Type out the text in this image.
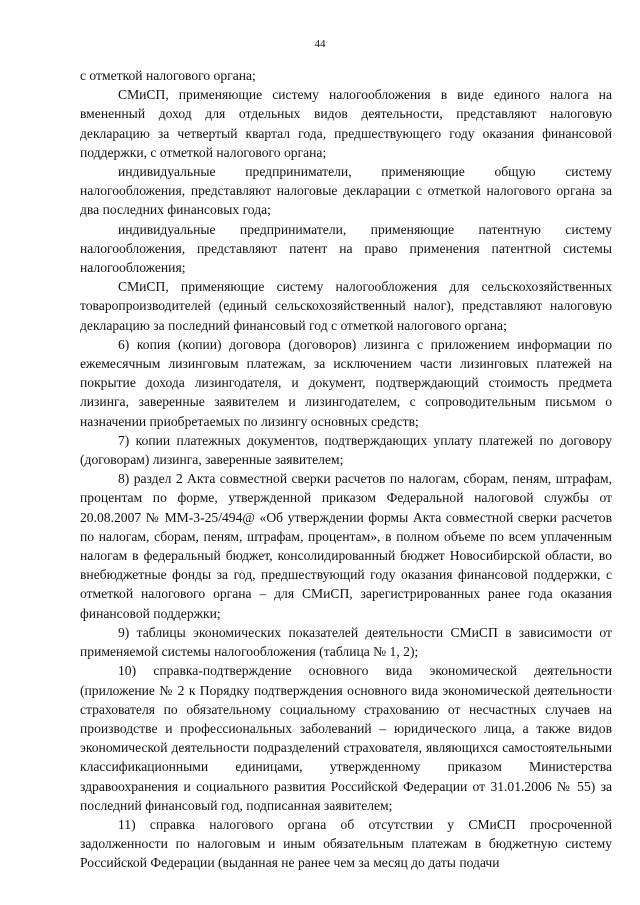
44

с отметкой налогового органа;

СМиСП, применяющие систему налогообложения в виде единого налога на вмененный доход для отдельных видов деятельности, представляют налоговую декларацию за четвертый квартал года, предшествующего году оказания финансовой поддержки, с отметкой налогового органа;

индивидуальные предприниматели, применяющие общую систему налогообложения, представляют налоговые декларации с отметкой налогового органа за два последних финансовых года;

индивидуальные предприниматели, применяющие патентную систему налогообложения, представляют патент на право применения патентной системы налогообложения;

СМиСП, применяющие систему налогообложения для сельскохозяйственных товаропроизводителей (единый сельскохозяйственный налог), представляют налоговую декларацию за последний финансовый год с отметкой налогового органа;

6) копия (копии) договора (договоров) лизинга с приложением информации по ежемесячным лизинговым платежам, за исключением части лизинговых платежей на покрытие дохода лизингодателя, и документ, подтверждающий стоимость предмета лизинга, заверенные заявителем и лизингодателем, с сопроводительным письмом о назначении приобретаемых по лизингу основных средств;

7) копии платежных документов, подтверждающих уплату платежей по договору (договорам) лизинга, заверенные заявителем;

8) раздел 2 Акта совместной сверки расчетов по налогам, сборам, пеням, штрафам, процентам по форме, утвержденной приказом Федеральной налоговой службы от 20.08.2007 № ММ-3-25/494@ «Об утверждении формы Акта совместной сверки расчетов по налогам, сборам, пеням, штрафам, процентам», в полном объеме по всем уплаченным налогам в федеральный бюджет, консолидированный бюджет Новосибирской области, во внебюджетные фонды за год, предшествующий году оказания финансовой поддержки, с отметкой налогового органа – для СМиСП, зарегистрированных ранее года оказания финансовой поддержки;

9) таблицы экономических показателей деятельности СМиСП в зависимости от применяемой системы налогообложения (таблица № 1, 2);

10) справка-подтверждение основного вида экономической деятельности (приложение № 2 к Порядку подтверждения основного вида экономической деятельности страхователя по обязательному социальному страхованию от несчастных случаев на производстве и профессиональных заболеваний – юридического лица, а также видов экономической деятельности подразделений страхователя, являющихся самостоятельными классификационными единицами, утвержденному приказом Министерства здравоохранения и социального развития Российской Федерации от 31.01.2006 № 55) за последний финансовый год, подписанная заявителем;

11) справка налогового органа об отсутствии у СМиСП просроченной задолженности по налоговым и иным обязательным платежам в бюджетную систему Российской Федерации (выданная не ранее чем за месяц до даты подачи
